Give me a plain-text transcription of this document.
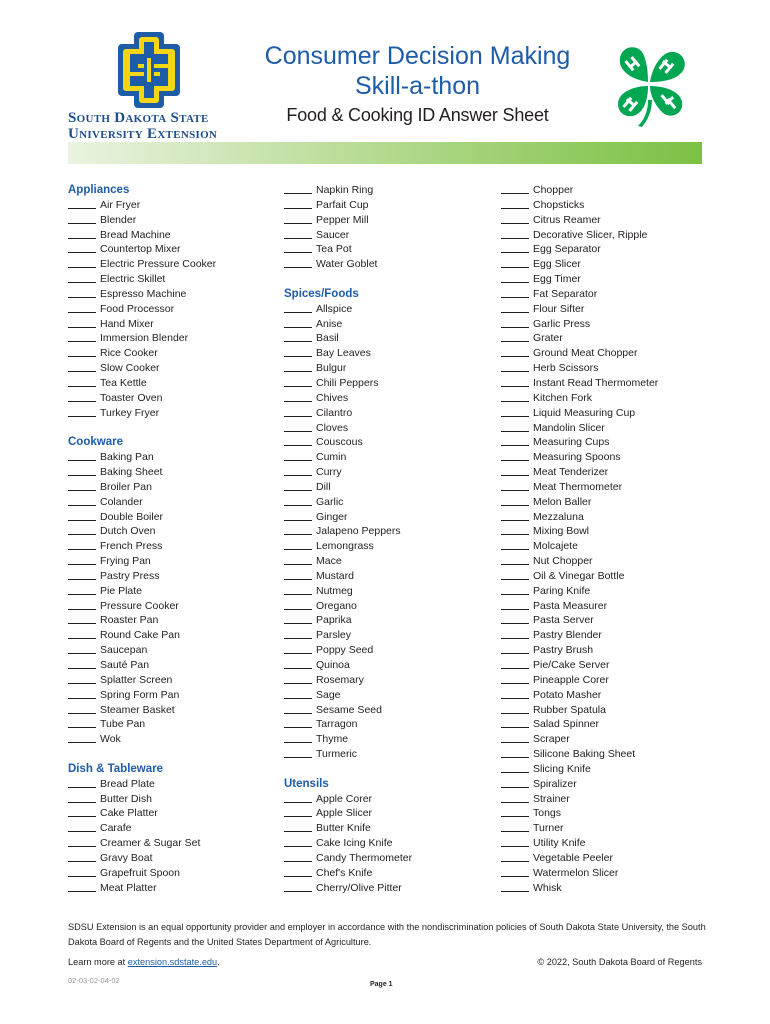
South Dakota State
University Extension
Consumer Decision Making
Skill-a-thon
Food & Cooking ID Answer Sheet
Appliances
Air Fryer
Blender
Bread Machine
Countertop Mixer
Electric Pressure Cooker
Electric Skillet
Espresso Machine
Food Processor
Hand Mixer
Immersion Blender
Rice Cooker
Slow Cooker
Tea Kettle
Toaster Oven
Turkey Fryer
Cookware
Baking Pan
Baking Sheet
Broiler Pan
Colander
Double Boiler
Dutch Oven
French Press
Frying Pan
Pastry Press
Pie Plate
Pressure Cooker
Roaster Pan
Round Cake Pan
Saucepan
Sauté Pan
Splatter Screen
Spring Form Pan
Steamer Basket
Tube Pan
Wok
Dish & Tableware
Bread Plate
Butter Dish
Cake Platter
Carafe
Creamer & Sugar Set
Gravy Boat
Grapefruit Spoon
Meat Platter
Napkin Ring
Parfait Cup
Pepper Mill
Saucer
Tea Pot
Water Goblet
Spices/Foods
Allspice
Anise
Basil
Bay Leaves
Bulgur
Chili Peppers
Chives
Cilantro
Cloves
Couscous
Cumin
Curry
Dill
Garlic
Ginger
Jalapeno Peppers
Lemongrass
Mace
Mustard
Nutmeg
Oregano
Paprika
Parsley
Poppy Seed
Quinoa
Rosemary
Sage
Sesame Seed
Tarragon
Thyme
Turmeric
Utensils
Apple Corer
Apple Slicer
Butter Knife
Cake Icing Knife
Candy Thermometer
Chef's Knife
Cherry/Olive Pitter
Chopper
Chopsticks
Citrus Reamer
Decorative Slicer, Ripple
Egg Separator
Egg Slicer
Egg Timer
Fat Separator
Flour Sifter
Garlic Press
Grater
Ground Meat Chopper
Herb Scissors
Instant Read Thermometer
Kitchen Fork
Liquid Measuring Cup
Mandolin Slicer
Measuring Cups
Measuring Spoons
Meat Tenderizer
Meat Thermometer
Melon Baller
Mezzaluna
Mixing Bowl
Molcajete
Nut Chopper
Oil & Vinegar Bottle
Paring Knife
Pasta Measurer
Pasta Server
Pastry Blender
Pastry Brush
Pie/Cake Server
Pineapple Corer
Potato Masher
Rubber Spatula
Salad Spinner
Scraper
Silicone Baking Sheet
Slicing Knife
Spiralizer
Strainer
Tongs
Turner
Utility Knife
Vegetable Peeler
Watermelon Slicer
Whisk
SDSU Extension is an equal opportunity provider and employer in accordance with the nondiscrimination policies of South Dakota State University, the South Dakota Board of Regents and the United States Department of Agriculture.
Learn more at extension.sdstate.edu.	© 2022, South Dakota Board of Regents
02-03-02-04-02	Page 1
